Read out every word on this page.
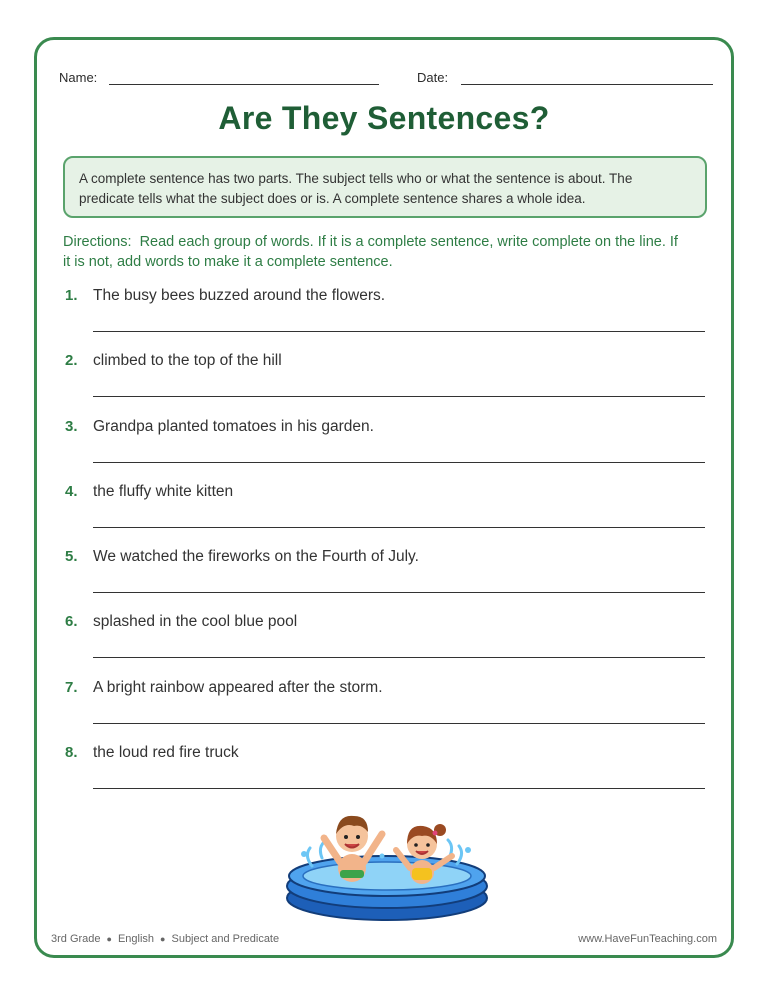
Name:	Date:
Are They Sentences?
A complete sentence has two parts. The subject tells who or what the sentence is about. The predicate tells what the subject does or is. A complete sentence shares a whole idea.
Directions: Read each group of words. If it is a complete sentence, write complete on the line. If it is not, add words to make it a complete sentence.
1. The busy bees buzzed around the flowers.
2. climbed to the top of the hill
3. Grandpa planted tomatoes in his garden.
4. the fluffy white kitten
5. We watched the fireworks on the Fourth of July.
6. splashed in the cool blue pool
7. A bright rainbow appeared after the storm.
8. the loud red fire truck
3rd Grade ● English ● Subject and Predicate	www.HaveFunTeaching.com
